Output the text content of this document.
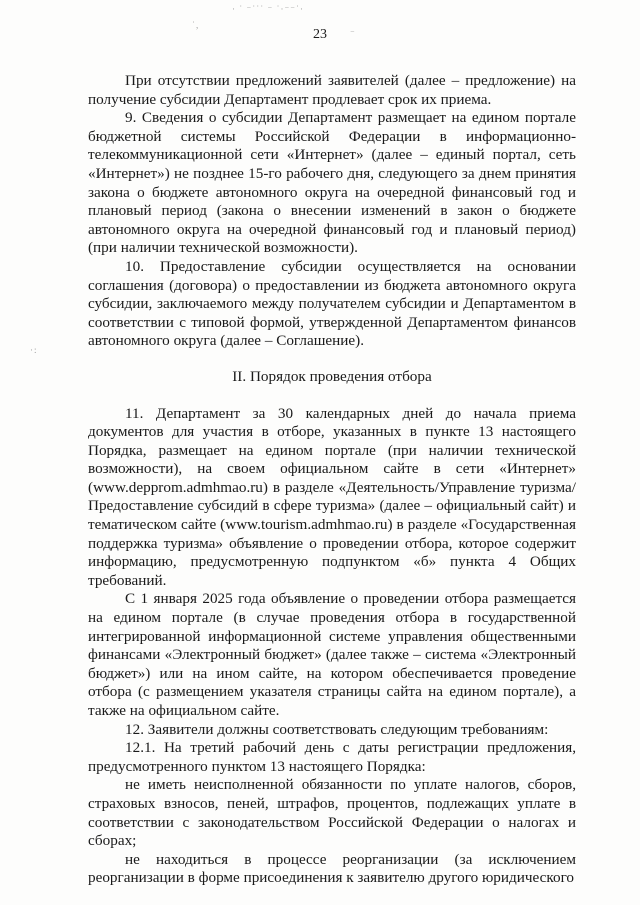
· ˙ ⁻˙˙˙ ⁻ ˙·⁻⁻˙·
˙,
⁻
·:
23

При отсутствии предложений заявителей (далее – предложение) на получение субсидии Департамент продлевает срок их приема.

9. Сведения о субсидии Департамент размещает на едином портале бюджетной системы Российской Федерации в информационно-телекоммуникационной сети «Интернет» (далее – единый портал, сеть «Интернет») не позднее 15-го рабочего дня, следующего за днем принятия закона о бюджете автономного округа на очередной финансовый год и плановый период (закона о внесении изменений в закон о бюджете автономного округа на очередной финансовый год и плановый период) (при наличии технической возможности).

10. Предоставление субсидии осуществляется на основании соглашения (договора) о предоставлении из бюджета автономного округа субсидии, заключаемого между получателем субсидии и Департаментом в соответствии с типовой формой, утвержденной Департаментом финансов автономного округа (далее – Соглашение).

II. Порядок проведения отбора

11. Департамент за 30 календарных дней до начала приема документов для участия в отборе, указанных в пункте 13 настоящего Порядка, размещает на едином портале (при наличии технической возможности), на своем официальном сайте в сети «Интернет» (www.depprom.admhmao.ru) в разделе «Деятельность/Управление туризма/Предоставление субсидий в сфере туризма» (далее – официальный сайт) и тематическом сайте (www.tourism.admhmao.ru) в разделе «Государственная поддержка туризма» объявление о проведении отбора, которое содержит информацию, предусмотренную подпунктом «б» пункта 4 Общих требований.

С 1 января 2025 года объявление о проведении отбора размещается на едином портале (в случае проведения отбора в государственной интегрированной информационной системе управления общественными финансами «Электронный бюджет» (далее также – система «Электронный бюджет») или на ином сайте, на котором обеспечивается проведение отбора (с размещением указателя страницы сайта на едином портале), а также на официальном сайте.

12. Заявители должны соответствовать следующим требованиям:

12.1. На третий рабочий день с даты регистрации предложения, предусмотренного пунктом 13 настоящего Порядка:

не иметь неисполненной обязанности по уплате налогов, сборов, страховых взносов, пеней, штрафов, процентов, подлежащих уплате в соответствии с законодательством Российской Федерации о налогах и сборах;

не находиться в процессе реорганизации (за исключением реорганизации в форме присоединения к заявителю другого юридического
